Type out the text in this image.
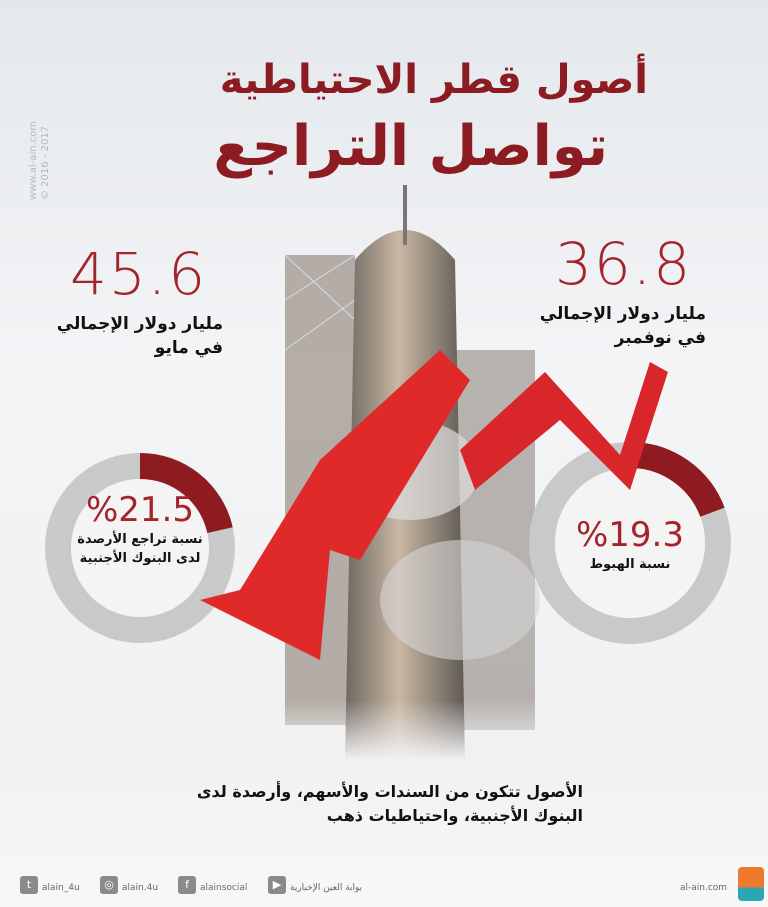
www.al-ain.com © 2016 - 2017
أصول قطر الاحتياطية
تواصل التراجع
45.6
مليار دولار الإجمالي
في مايو
36.8
مليار دولار الإجمالي
في نوفمبر
%21.5
نسبة تراجع الأرصدة
لدى البنوك الأجنبية
%19.3
نسبة الهبوط
الأصول تتكون من السندات والأسهم، وأرصدة لدى
البنوك الأجنبية، واحتياطيات ذهب
t	alain_4u	◎ alain.4u	f	alainsocial	▶ بوابة العين الإخبارية	al-ain.com
